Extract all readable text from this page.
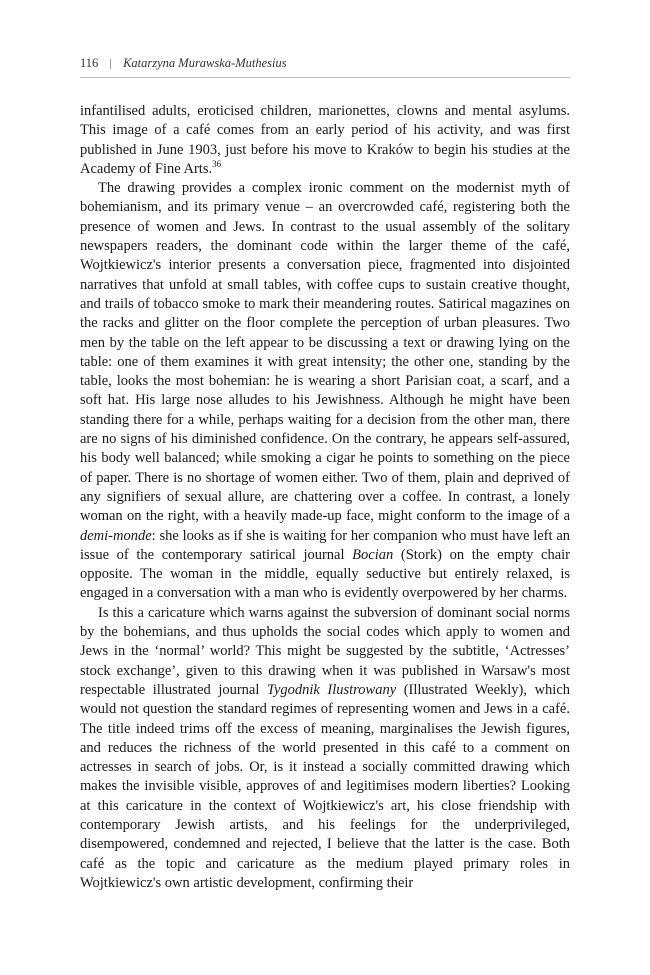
116 | Katarzyna Murawska-Muthesius

infantilised adults, eroticised children, marionettes, clowns and mental asylums. This image of a café comes from an early period of his activity, and was first published in June 1903, just before his move to Kraków to begin his studies at the Academy of Fine Arts.$^{36}$

The drawing provides a complex ironic comment on the modernist myth of bohemianism, and its primary venue – an overcrowded café, registering both the presence of women and Jews. In contrast to the usual assembly of the solitary newspapers readers, the dominant code within the larger theme of the café, Wojtkiewicz's interior presents a conversation piece, fragmented into disjointed narratives that unfold at small tables, with coffee cups to sustain creative thought, and trails of tobacco smoke to mark their meandering routes. Satirical magazines on the racks and glitter on the floor complete the perception of urban pleasures. Two men by the table on the left appear to be discussing a text or drawing lying on the table: one of them examines it with great intensity; the other one, standing by the table, looks the most bohemian: he is wearing a short Parisian coat, a scarf, and a soft hat. His large nose alludes to his Jewishness. Although he might have been standing there for a while, perhaps waiting for a decision from the other man, there are no signs of his diminished confidence. On the contrary, he appears self-assured, his body well balanced; while smoking a cigar he points to something on the piece of paper. There is no shortage of women either. Two of them, plain and deprived of any signifiers of sexual allure, are chattering over a coffee. In contrast, a lonely woman on the right, with a heavily made-up face, might conform to the image of a demi-monde: she looks as if she is waiting for her companion who must have left an issue of the contemporary satirical journal Bocian (Stork) on the empty chair opposite. The woman in the middle, equally seductive but entirely relaxed, is engaged in a conversation with a man who is evidently overpowered by her charms.

Is this a caricature which warns against the subversion of dominant social norms by the bohemians, and thus upholds the social codes which apply to women and Jews in the ‘normal’ world? This might be suggested by the subtitle, ‘Actresses’ stock exchange’, given to this drawing when it was published in Warsaw's most respectable illustrated journal Tygodnik Ilustrowany (Illustrated Weekly), which would not question the standard regimes of representing women and Jews in a café. The title indeed trims off the excess of meaning, marginalises the Jewish figures, and reduces the richness of the world presented in this café to a comment on actresses in search of jobs. Or, is it instead a socially committed drawing which makes the invisible visible, approves of and legitimises modern liberties? Looking at this caricature in the context of Wojtkiewicz's art, his close friendship with contemporary Jewish artists, and his feelings for the underprivileged, disempowered, condemned and rejected, I believe that the latter is the case. Both café as the topic and caricature as the medium played primary roles in Wojtkiewicz's own artistic development, confirming their
